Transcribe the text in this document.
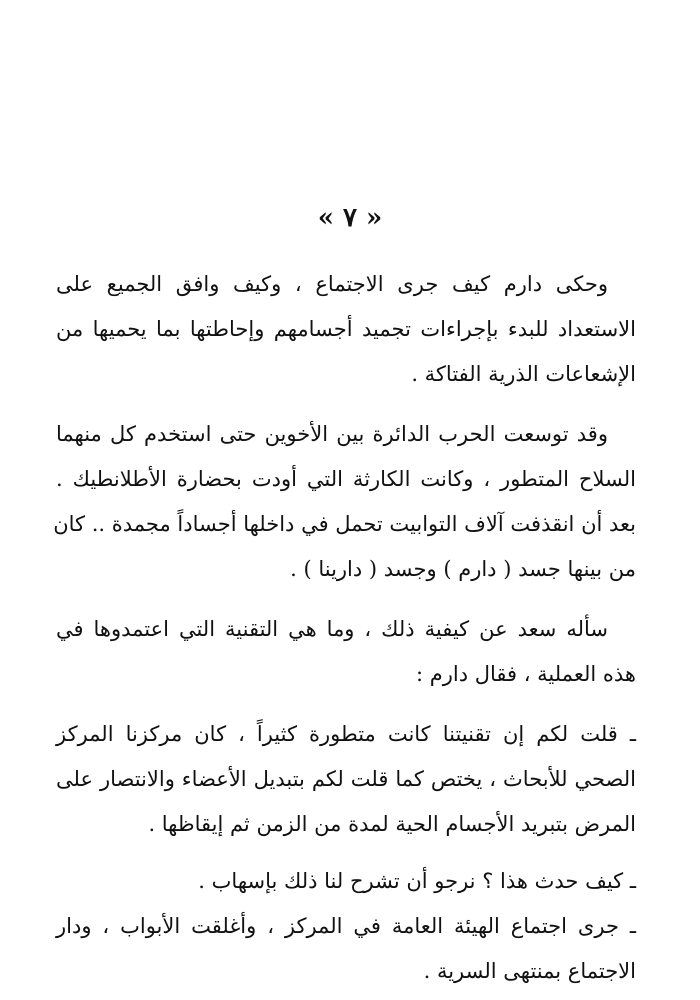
« ٧ »
وحكى دارم كيف جرى الاجتماع ، وكيف وافق الجميع على
الاستعداد للبدء بإجراءات تجميد أجسامهم وإحاطتها بما يحميها من
الإشعاعات الذرية الفتاكة .
وقد توسعت الحرب الدائرة بين الأخوين حتى استخدم كل منهما
السلاح المتطور ، وكانت الكارثة التي أودت بحضارة الأطلانطيك .
بعد أن انقذفت آلاف التوابيت تحمل في داخلها أجساداً مجمدة .. كان
من بينها جسد ( دارم ) وجسد ( دارينا ) .
سأله سعد عن كيفية ذلك ، وما هي التقنية التي اعتمدوها في
هذه العملية ، فقال دارم :
ـ قلت لكم إن تقنيتنا كانت متطورة كثيراً ، كان مركزنا المركز
الصحي للأبحاث ، يختص كما قلت لكم بتبديل الأعضاء والانتصار على
المرض بتبريد الأجسام الحية لمدة من الزمن ثم إيقاظها .
ـ كيف حدث هذا ؟ نرجو أن تشرح لنا ذلك بإسهاب .
ـ جرى اجتماع الهيئة العامة في المركز ، وأغلقت الأبواب ، ودار
الاجتماع بمنتهى السرية .
